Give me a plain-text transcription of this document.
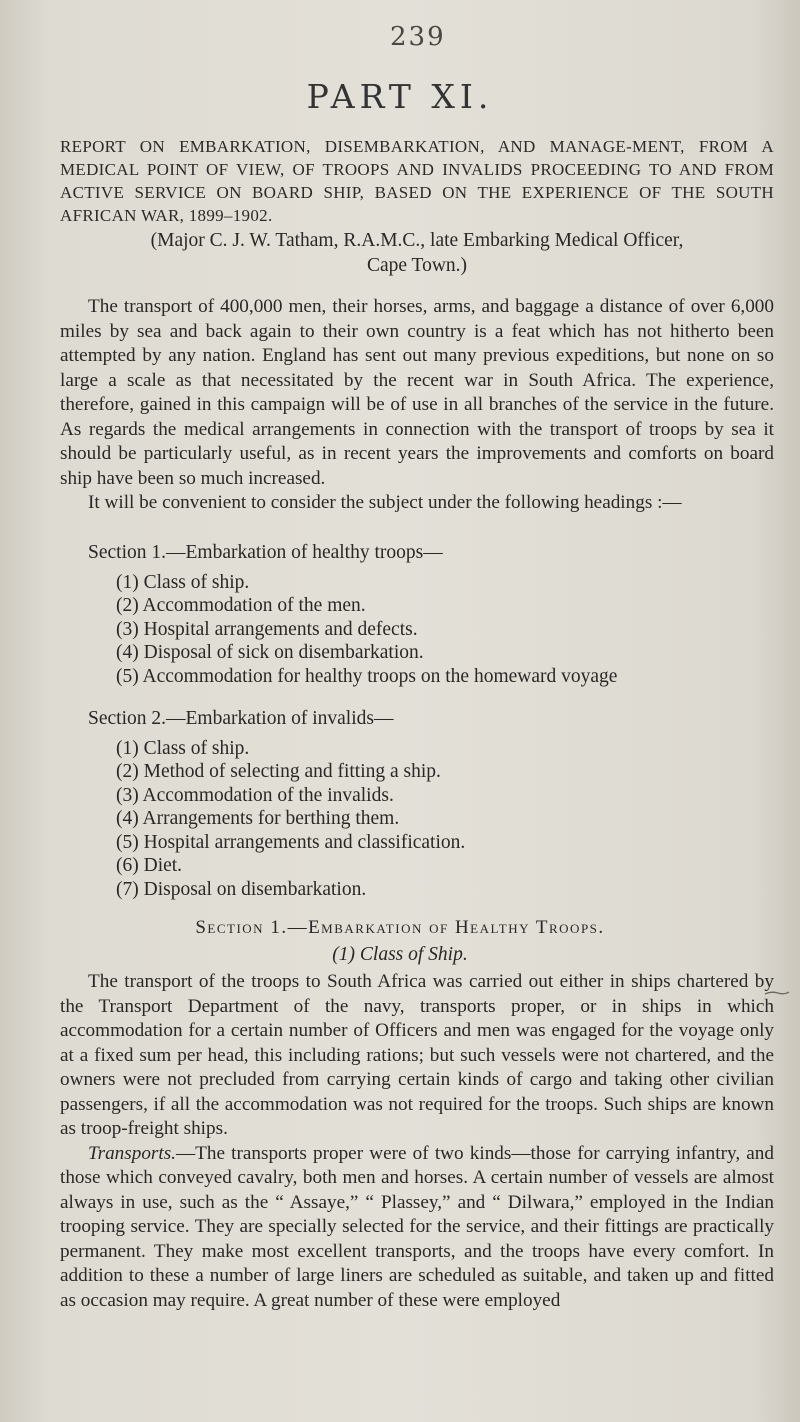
239
PART XI.
REPORT ON EMBARKATION, DISEMBARKATION, AND MANAGE-MENT, FROM A MEDICAL POINT OF VIEW, OF TROOPS AND INVALIDS PROCEEDING TO AND FROM ACTIVE SERVICE ON BOARD SHIP, BASED ON THE EXPERIENCE OF THE SOUTH AFRICAN WAR, 1899–1902.
(Major C. J. W. Tatham, R.A.M.C., late Embarking Medical Officer,
Cape Town.)

The transport of 400,000 men, their horses, arms, and baggage a distance of over 6,000 miles by sea and back again to their own country is a feat which has not hitherto been attempted by any nation. England has sent out many previous expeditions, but none on so large a scale as that necessitated by the recent war in South Africa. The experience, therefore, gained in this campaign will be of use in all branches of the service in the future. As regards the medical arrangements in connection with the transport of troops by sea it should be particularly useful, as in recent years the improvements and comforts on board ship have been so much increased.

It will be convenient to consider the subject under the following headings :—

Section 1.—Embarkation of healthy troops—
(1) Class of ship.
(2) Accommodation of the men.
(3) Hospital arrangements and defects.
(4) Disposal of sick on disembarkation.
(5) Accommodation for healthy troops on the homeward voyage
Section 2.—Embarkation of invalids—
(1) Class of ship.
(2) Method of selecting and fitting a ship.
(3) Accommodation of the invalids.
(4) Arrangements for berthing them.
(5) Hospital arrangements and classification.
(6) Diet.
(7) Disposal on disembarkation.
Section 1.—Embarkation of Healthy Troops.
(1) Class of Ship.

The transport of the troops to South Africa was carried out either in ships chartered by the Transport Department of the navy, transports proper, or in ships in which accommodation for a certain number of Officers and men was engaged for the voyage only at a fixed sum per head, this including rations; but such vessels were not chartered, and the owners were not precluded from carrying certain kinds of cargo and taking other civilian passengers, if all the accommodation was not required for the troops. Such ships are known as troop-freight ships.

Transports.—The transports proper were of two kinds—those for carrying infantry, and those which conveyed cavalry, both men and horses. A certain number of vessels are almost always in use, such as the “ Assaye,” “ Plassey,” and “ Dilwara,” employed in the Indian trooping service. They are specially selected for the service, and their fittings are practically permanent. They make most excellent transports, and the troops have every comfort. In addition to these a number of large liners are scheduled as suitable, and taken up and fitted as occasion may require. A great number of these were employed
